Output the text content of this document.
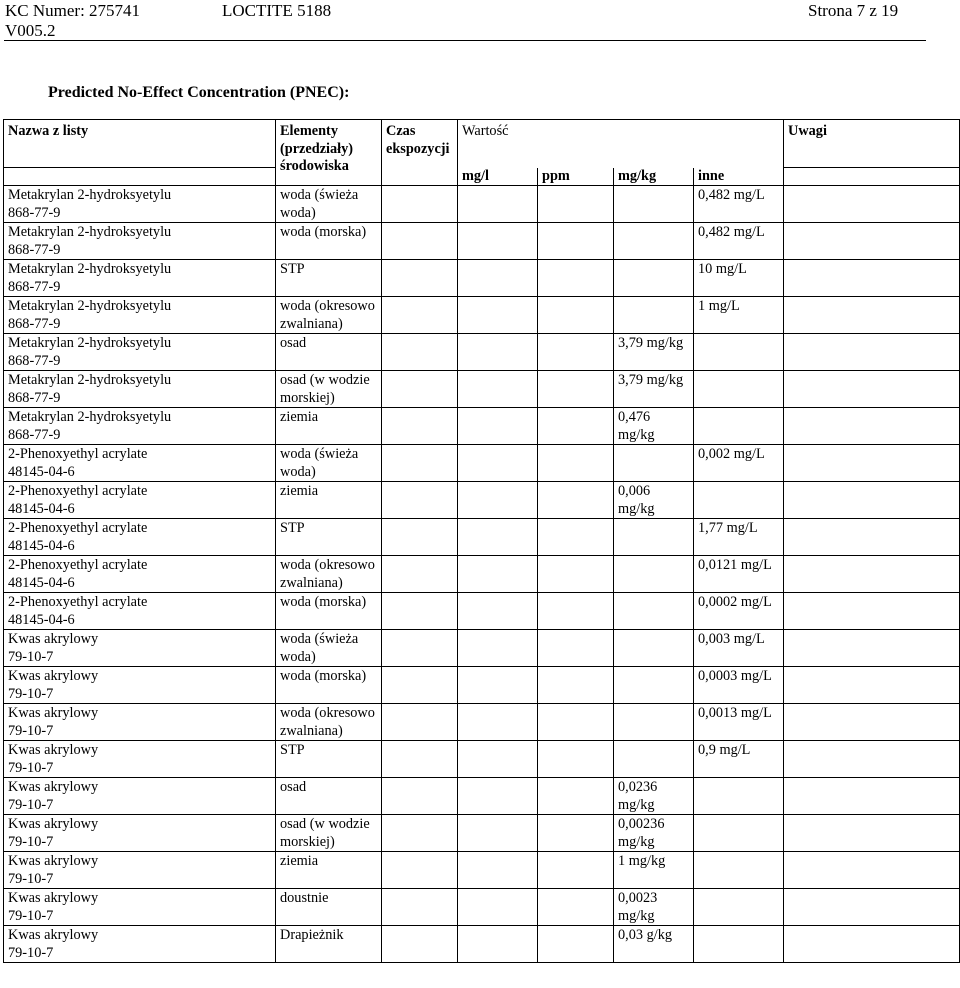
KC Numer: 275741	LOCTITE 5188	Strona 7 z 19
V005.2
Predicted No-Effect Concentration (PNEC):
Nazwa z listy	Elementy (przedziały) środowiska	Czas ekspozycji	Wartość				Uwagi
			mg/l	ppm	mg/kg	inne	
Metakrylan 2-hydroksyetylu
868-77-9	woda (świeża woda)					0,482 mg/L	
Metakrylan 2-hydroksyetylu
868-77-9	woda (morska)					0,482 mg/L	
Metakrylan 2-hydroksyetylu
868-77-9	STP					10 mg/L	
Metakrylan 2-hydroksyetylu
868-77-9	woda (okresowo zwalniana)					1 mg/L	
Metakrylan 2-hydroksyetylu
868-77-9	osad				3,79 mg/kg		
Metakrylan 2-hydroksyetylu
868-77-9	osad (w wodzie morskiej)				3,79 mg/kg		
Metakrylan 2-hydroksyetylu
868-77-9	ziemia				0,476 mg/kg		
2-Phenoxyethyl acrylate
48145-04-6	woda (świeża woda)					0,002 mg/L	
2-Phenoxyethyl acrylate
48145-04-6	ziemia				0,006 mg/kg		
2-Phenoxyethyl acrylate
48145-04-6	STP					1,77 mg/L	
2-Phenoxyethyl acrylate
48145-04-6	woda (okresowo zwalniana)					0,0121 mg/L	
2-Phenoxyethyl acrylate
48145-04-6	woda (morska)					0,0002 mg/L	
Kwas akrylowy
79-10-7	woda (świeża woda)					0,003 mg/L	
Kwas akrylowy
79-10-7	woda (morska)					0,0003 mg/L	
Kwas akrylowy
79-10-7	woda (okresowo zwalniana)					0,0013 mg/L	
Kwas akrylowy
79-10-7	STP					0,9 mg/L	
Kwas akrylowy
79-10-7	osad				0,0236 mg/kg		
Kwas akrylowy
79-10-7	osad (w wodzie morskiej)				0,00236 mg/kg		
Kwas akrylowy
79-10-7	ziemia				1 mg/kg		
Kwas akrylowy
79-10-7	doustnie				0,0023 mg/kg		
Kwas akrylowy
79-10-7	Drapieżnik				0,03 g/kg		
